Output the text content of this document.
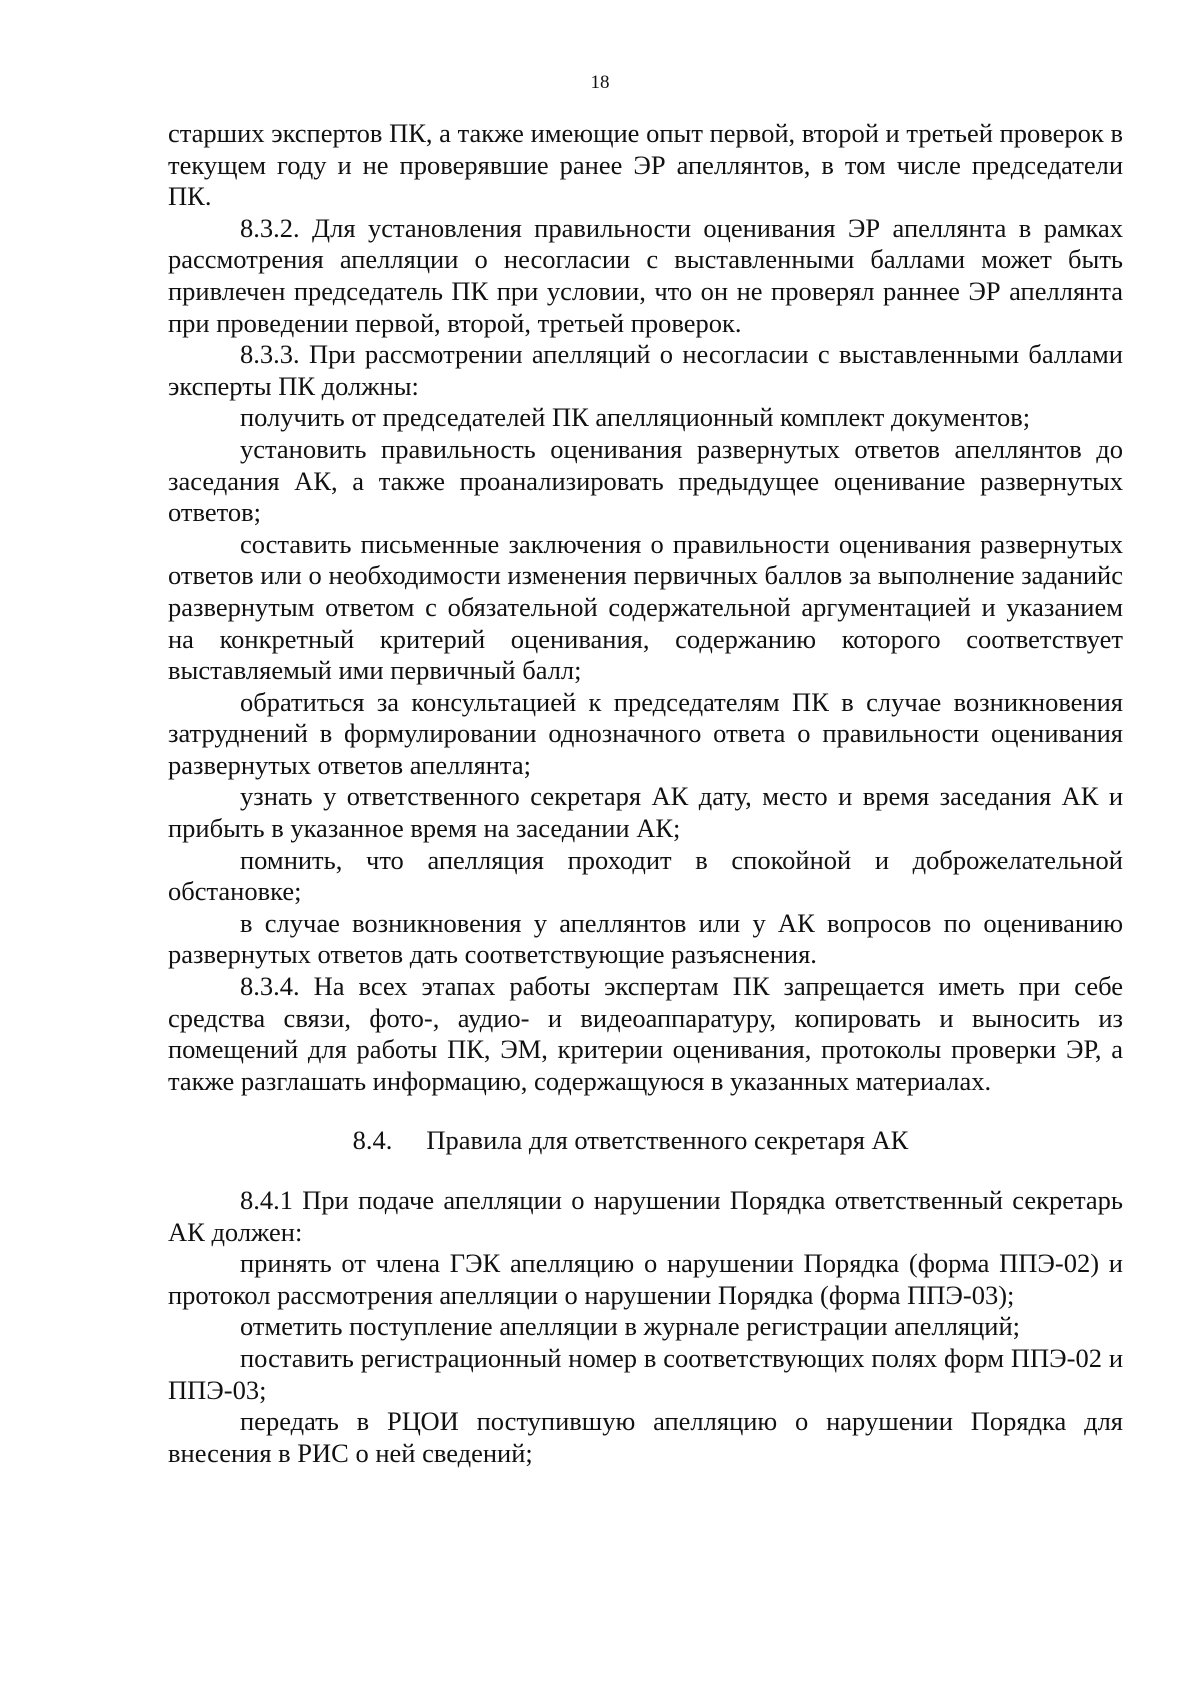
18

старших экспертов ПК, а также имеющие опыт первой, второй и третьей проверок в текущем году и не проверявшие ранее ЭР апеллянтов, в том числе председатели ПК.

8.3.2. Для установления правильности оценивания ЭР апеллянта в рамках рассмотрения апелляции о несогласии с выставленными баллами может быть привлечен председатель ПК при условии, что он не проверял раннее ЭР апеллянта при проведении первой, второй, третьей проверок.

8.3.3. При рассмотрении апелляций о несогласии с выставленными баллами эксперты ПК должны:

получить от председателей ПК апелляционный комплект документов;

установить правильность оценивания развернутых ответов апеллянтов до заседания АК, а также проанализировать предыдущее оценивание развернутых ответов;

составить письменные заключения о правильности оценивания развернутых ответов или о необходимости изменения первичных баллов за выполнение заданийс развернутым ответом с обязательной содержательной аргументацией и указанием на конкретный критерий оценивания, содержанию которого соответствует выставляемый ими первичный балл;

обратиться за консультацией к председателям ПК в случае возникновения затруднений в формулировании однозначного ответа о правильности оценивания развернутых ответов апеллянта;

узнать у ответственного секретаря АК дату, место и время заседания АК и прибыть в указанное время на заседании АК;

помнить, что апелляция проходит в спокойной и доброжелательной обстановке;

в случае возникновения у апеллянтов или у АК вопросов по оцениванию развернутых ответов дать соответствующие разъяснения.

8.3.4. На всех этапах работы экспертам ПК запрещается иметь при себе средства связи, фото-, аудио- и видеоаппаратуру, копировать и выносить из помещений для работы ПК, ЭМ, критерии оценивания, протоколы проверки ЭР, а также разглашать информацию, содержащуюся в указанных материалах.

8.4. Правила для ответственного секретаря АК

8.4.1 При подаче апелляции о нарушении Порядка ответственный секретарь АК должен:

принять от члена ГЭК апелляцию о нарушении Порядка (форма ППЭ-02) и протокол рассмотрения апелляции о нарушении Порядка (форма ППЭ-03);

отметить поступление апелляции в журнале регистрации апелляций;

поставить регистрационный номер в соответствующих полях форм ППЭ-02 и ППЭ-03;

передать в РЦОИ поступившую апелляцию о нарушении Порядка для внесения в РИС о ней сведений;
